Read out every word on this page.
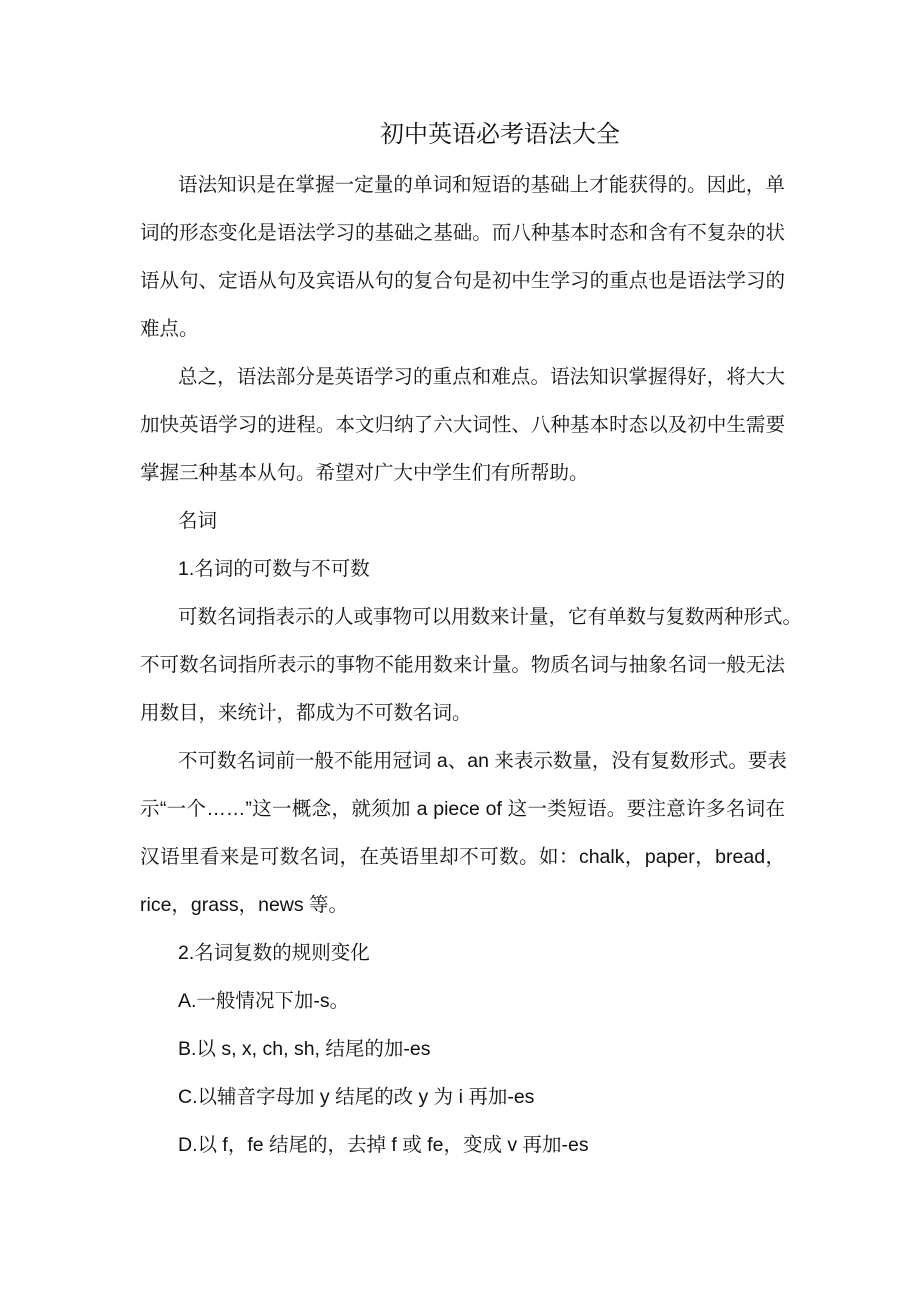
初中英语必考语法大全
语法知识是在掌握一定量的单词和短语的基础上才能获得的。因此，单
词的形态变化是语法学习的基础之基础。而八种基本时态和含有不复杂的状
语从句、定语从句及宾语从句的复合句是初中生学习的重点也是语法学习的
难点。
总之，语法部分是英语学习的重点和难点。语法知识掌握得好，将大大
加快英语学习的进程。本文归纳了六大词性、八种基本时态以及初中生需要
掌握三种基本从句。希望对广大中学生们有所帮助。
名词
1.名词的可数与不可数
可数名词指表示的人或事物可以用数来计量，它有单数与复数两种形式。
不可数名词指所表示的事物不能用数来计量。物质名词与抽象名词一般无法
用数目，来统计，都成为不可数名词。
不可数名词前一般不能用冠词 a、an 来表示数量，没有复数形式。要表
示“一个……”这一概念，就须加 a piece of 这一类短语。要注意许多名词在
汉语里看来是可数名词，在英语里却不可数。如：chalk，paper，bread，
rice，grass，news 等。
2.名词复数的规则变化
A.一般情况下加-s。
B.以 s, x, ch, sh, 结尾的加-es
C.以辅音字母加 y 结尾的改 y 为 i 再加-es
D.以 f，fe 结尾的，去掉 f 或 fe，变成 v 再加-es
